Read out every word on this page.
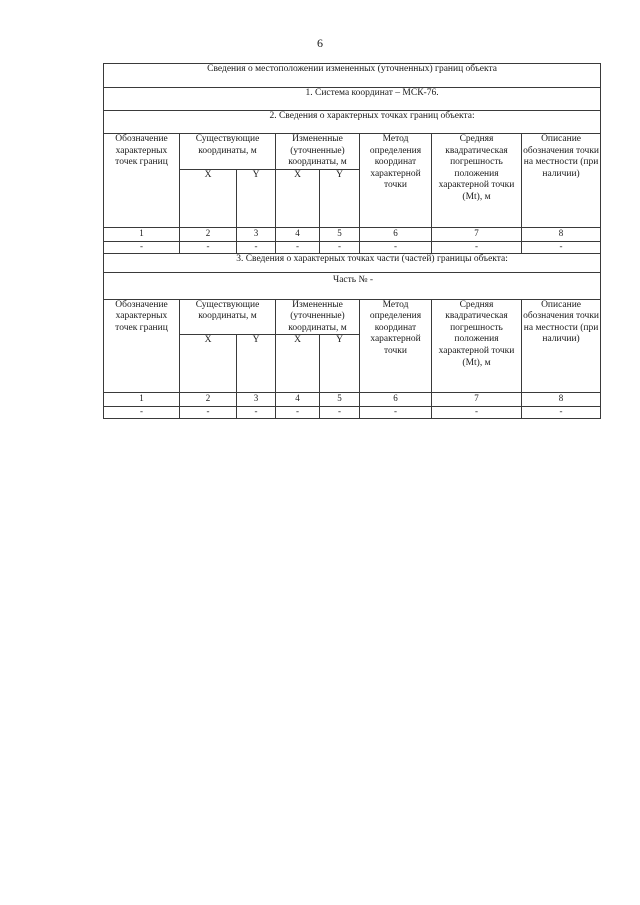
6
Сведения о местоположении измененных (уточненных) границ объекта							
1. Система координат – МСК-76.							
2. Сведения о характерных точках границ объекта:							
Обозначение характерных точек границ	Существующие координаты, м		Измененные (уточненные) координаты, м		Метод определения координат характерной точки	Средняя квадратическая погрешность положения характерной точки (Mt), м	Описание обозначения точки на местности (при наличии)
	X	Y	X	Y			
1	2	3	4	5	6	7	8
-	-	-	-	-	-	-	-
3. Сведения о характерных точках части (частей) границы объекта:							
Часть № -							
Обозначение характерных точек границ	Существующие координаты, м		Измененные (уточненные) координаты, м		Метод определения координат характерной точки	Средняя квадратическая погрешность положения характерной точки (Mt), м	Описание обозначения точки на местности (при наличии)
	X	Y	X	Y			
1	2	3	4	5	6	7	8
-	-	-	-	-	-	-	-
